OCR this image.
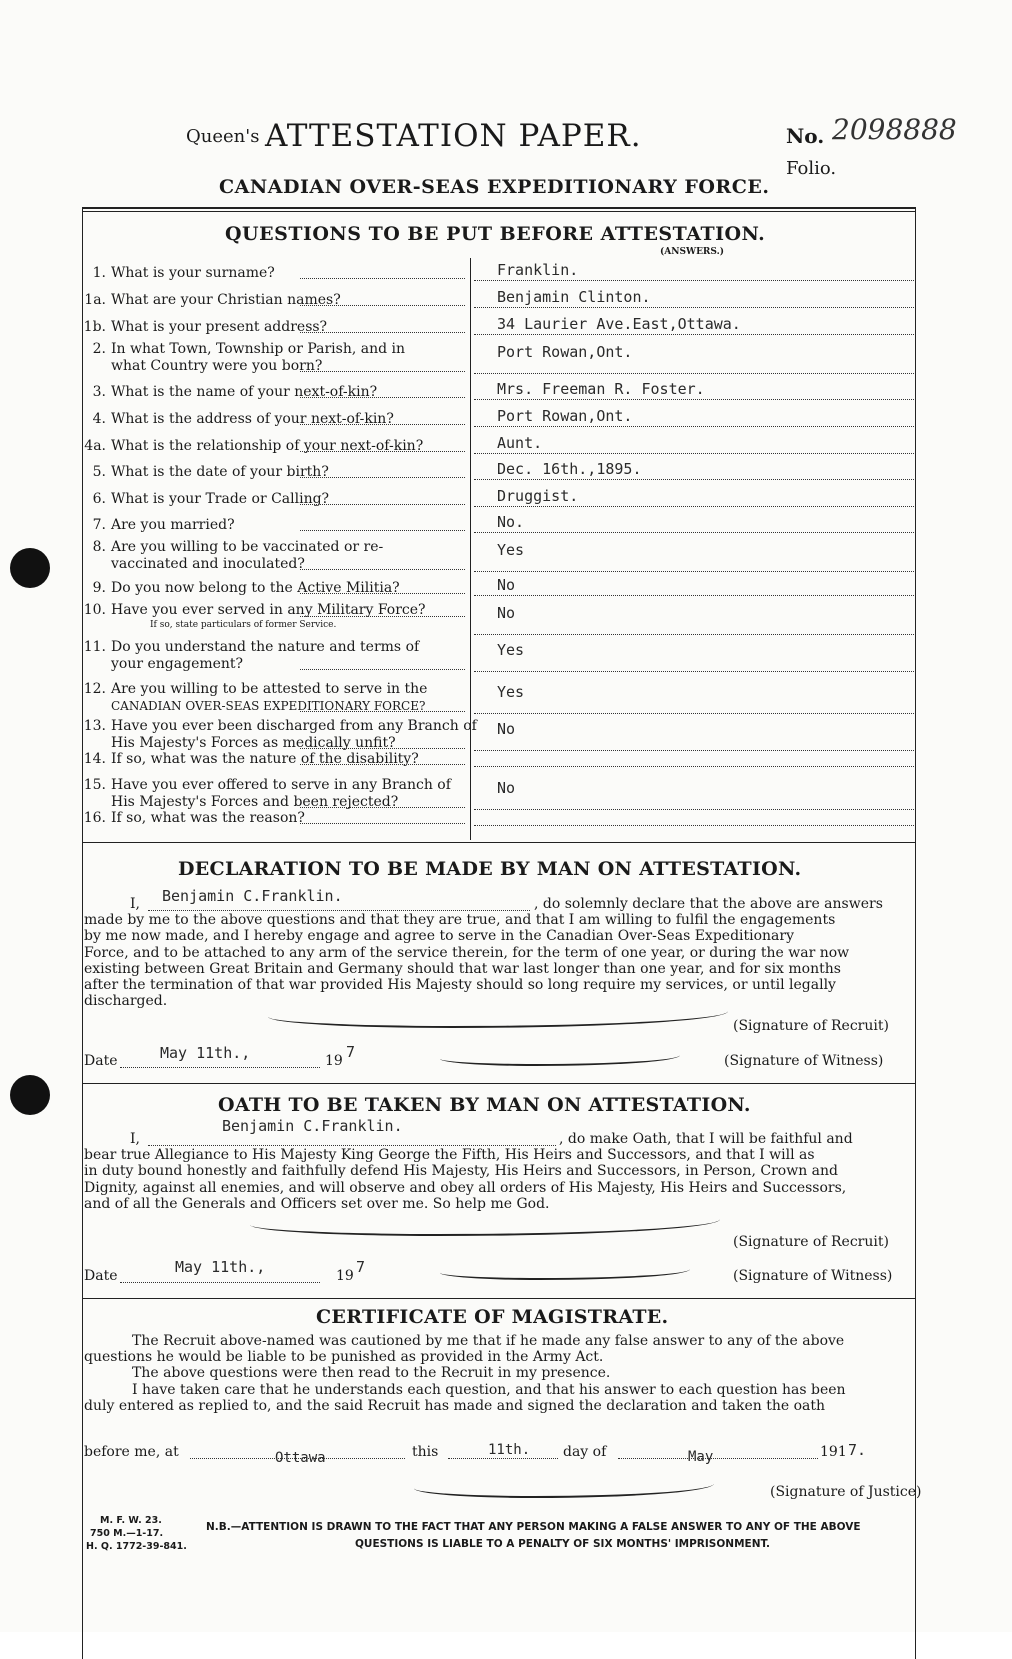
Queen's ATTESTATION PAPER.	No. 2098888
Folio.
CANADIAN OVER-SEAS EXPEDITIONARY FORCE.
QUESTIONS TO BE PUT BEFORE ATTESTATION.
(ANSWERS.)
1. What is your surname?	Franklin.
1a. What are your Christian names?	Benjamin Clinton.
1b. What is your present address?	34 Laurier Ave.East,Ottawa.
2. In what Town, Township or Parish, and in
what Country were you born?
Port Rowan,Ont.
3. What is the name of your next-of-kin?	Mrs. Freeman R. Foster.
4. What is the address of your next-of-kin?	Port Rowan,Ont.
4a. What is the relationship of your next-of-kin?	Aunt.
5. What is the date of your birth?	Dec. 16th.,1895.
6. What is your Trade or Calling?	Druggist.
7. Are you married?	No.
8. Are you willing to be vaccinated or re-
vaccinated and inoculated?
Yes
9. Do you now belong to the Active Militia?	No
10. Have you ever served in any Military Force?
If so, state particulars of former Service.
No
11. Do you understand the nature and terms of
your engagement?
Yes
12. Are you willing to be attested to serve in the
CANADIAN OVER-SEAS EXPEDITIONARY FORCE?
Yes
13. Have you ever been discharged from any Branch of
His Majesty's Forces as medically unfit?
No
14. If so, what was the nature of the disability?
15. Have you ever offered to serve in any Branch of
His Majesty's Forces and been rejected?
No
16. If so, what was the reason?
DECLARATION TO BE MADE BY MAN ON ATTESTATION.
I, Benjamin C.Franklin.	, do solemnly declare that the above are answers
made by me to the above questions and that they are true, and that I am willing to fulfil the engagements
by me now made, and I hereby engage and agree to serve in the Canadian Over-Seas Expeditionary
Force, and to be attached to any arm of the service therein, for the term of one year, or during the war now
existing between Great Britain and Germany should that war last longer than one year, and for six months
after the termination of that war provided His Majesty should so long require my services, or until legally
discharged.
(Signature of Recruit)
Date	May 11th.,	19 7	(Signature of Witness)
OATH TO BE TAKEN BY MAN ON ATTESTATION.
I,
Benjamin C.Franklin.
, do make Oath, that I will be faithful and
bear true Allegiance to His Majesty King George the Fifth, His Heirs and Successors, and that I will as
in duty bound honestly and faithfully defend His Majesty, His Heirs and Successors, in Person, Crown and
Dignity, against all enemies, and will observe and obey all orders of His Majesty, His Heirs and Successors,
and of all the Generals and Officers set over me. So help me God.
(Signature of Recruit)
Date	May 11th.,	19 7	(Signature of Witness)
CERTIFICATE OF MAGISTRATE.
The Recruit above-named was cautioned by me that if he made any false answer to any of the above
questions he would be liable to be punished as provided in the Army Act.
The above questions were then read to the Recruit in my presence.
I have taken care that he understands each question, and that his answer to each question has been
duly entered as replied to, and the said Recruit has made and signed the declaration and taken the oath
before me, at	Ottawa	this	11th. day of	May	191 7.
(Signature of Justice)
M. F. W. 23.
750 M.—1-17.
H. Q. 1772-39-841.
N.B.—ATTENTION IS DRAWN TO THE FACT THAT ANY PERSON MAKING A FALSE ANSWER TO ANY OF THE ABOVE
QUESTIONS IS LIABLE TO A PENALTY OF SIX MONTHS' IMPRISONMENT.
